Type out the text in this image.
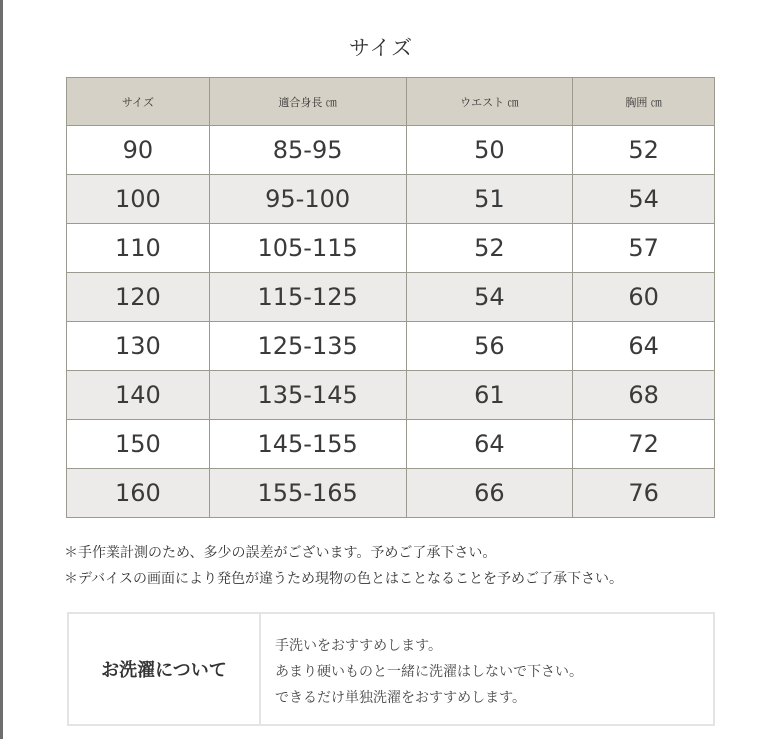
サイズ
サイズ	適合身長 ㎝	ウエスト ㎝	胸囲 ㎝
90	85-95	50	52
100	95-100	51	54
110	105-115	52	57
120	115-125	54	60
130	125-135	56	64
140	135-145	61	68
150	145-155	64	72
160	155-165	66	76
＊手作業計測のため、多少の誤差がございます。予めご了承下さい。
＊デバイスの画面により発色が違うため現物の色とはことなることを予めご了承下さい。
お洗濯について
手洗いをおすすめします。
あまり硬いものと一緒に洗濯はしないで下さい。
できるだけ単独洗濯をおすすめします。
